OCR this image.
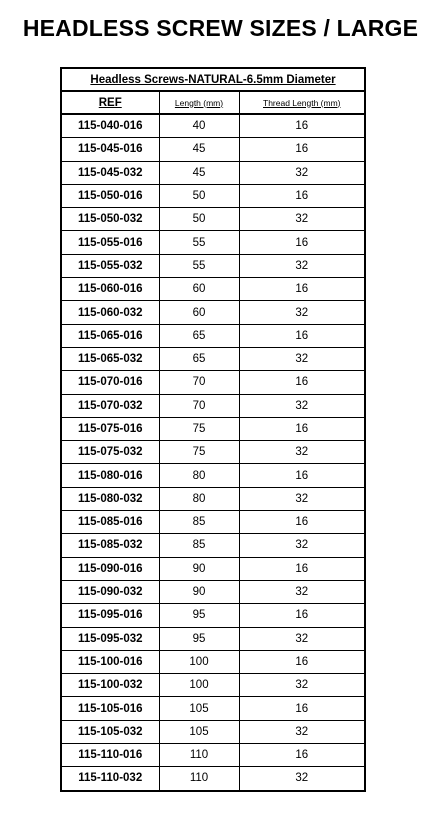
HEADLESS SCREW SIZES / LARGE
Headless Screws-NATURAL-6.5mm Diameter		
REF	Length (mm)	Thread Length (mm)
115-040-016	40	16
115-045-016	45	16
115-045-032	45	32
115-050-016	50	16
115-050-032	50	32
115-055-016	55	16
115-055-032	55	32
115-060-016	60	16
115-060-032	60	32
115-065-016	65	16
115-065-032	65	32
115-070-016	70	16
115-070-032	70	32
115-075-016	75	16
115-075-032	75	32
115-080-016	80	16
115-080-032	80	32
115-085-016	85	16
115-085-032	85	32
115-090-016	90	16
115-090-032	90	32
115-095-016	95	16
115-095-032	95	32
115-100-016	100	16
115-100-032	100	32
115-105-016	105	16
115-105-032	105	32
115-110-016	110	16
115-110-032	110	32
